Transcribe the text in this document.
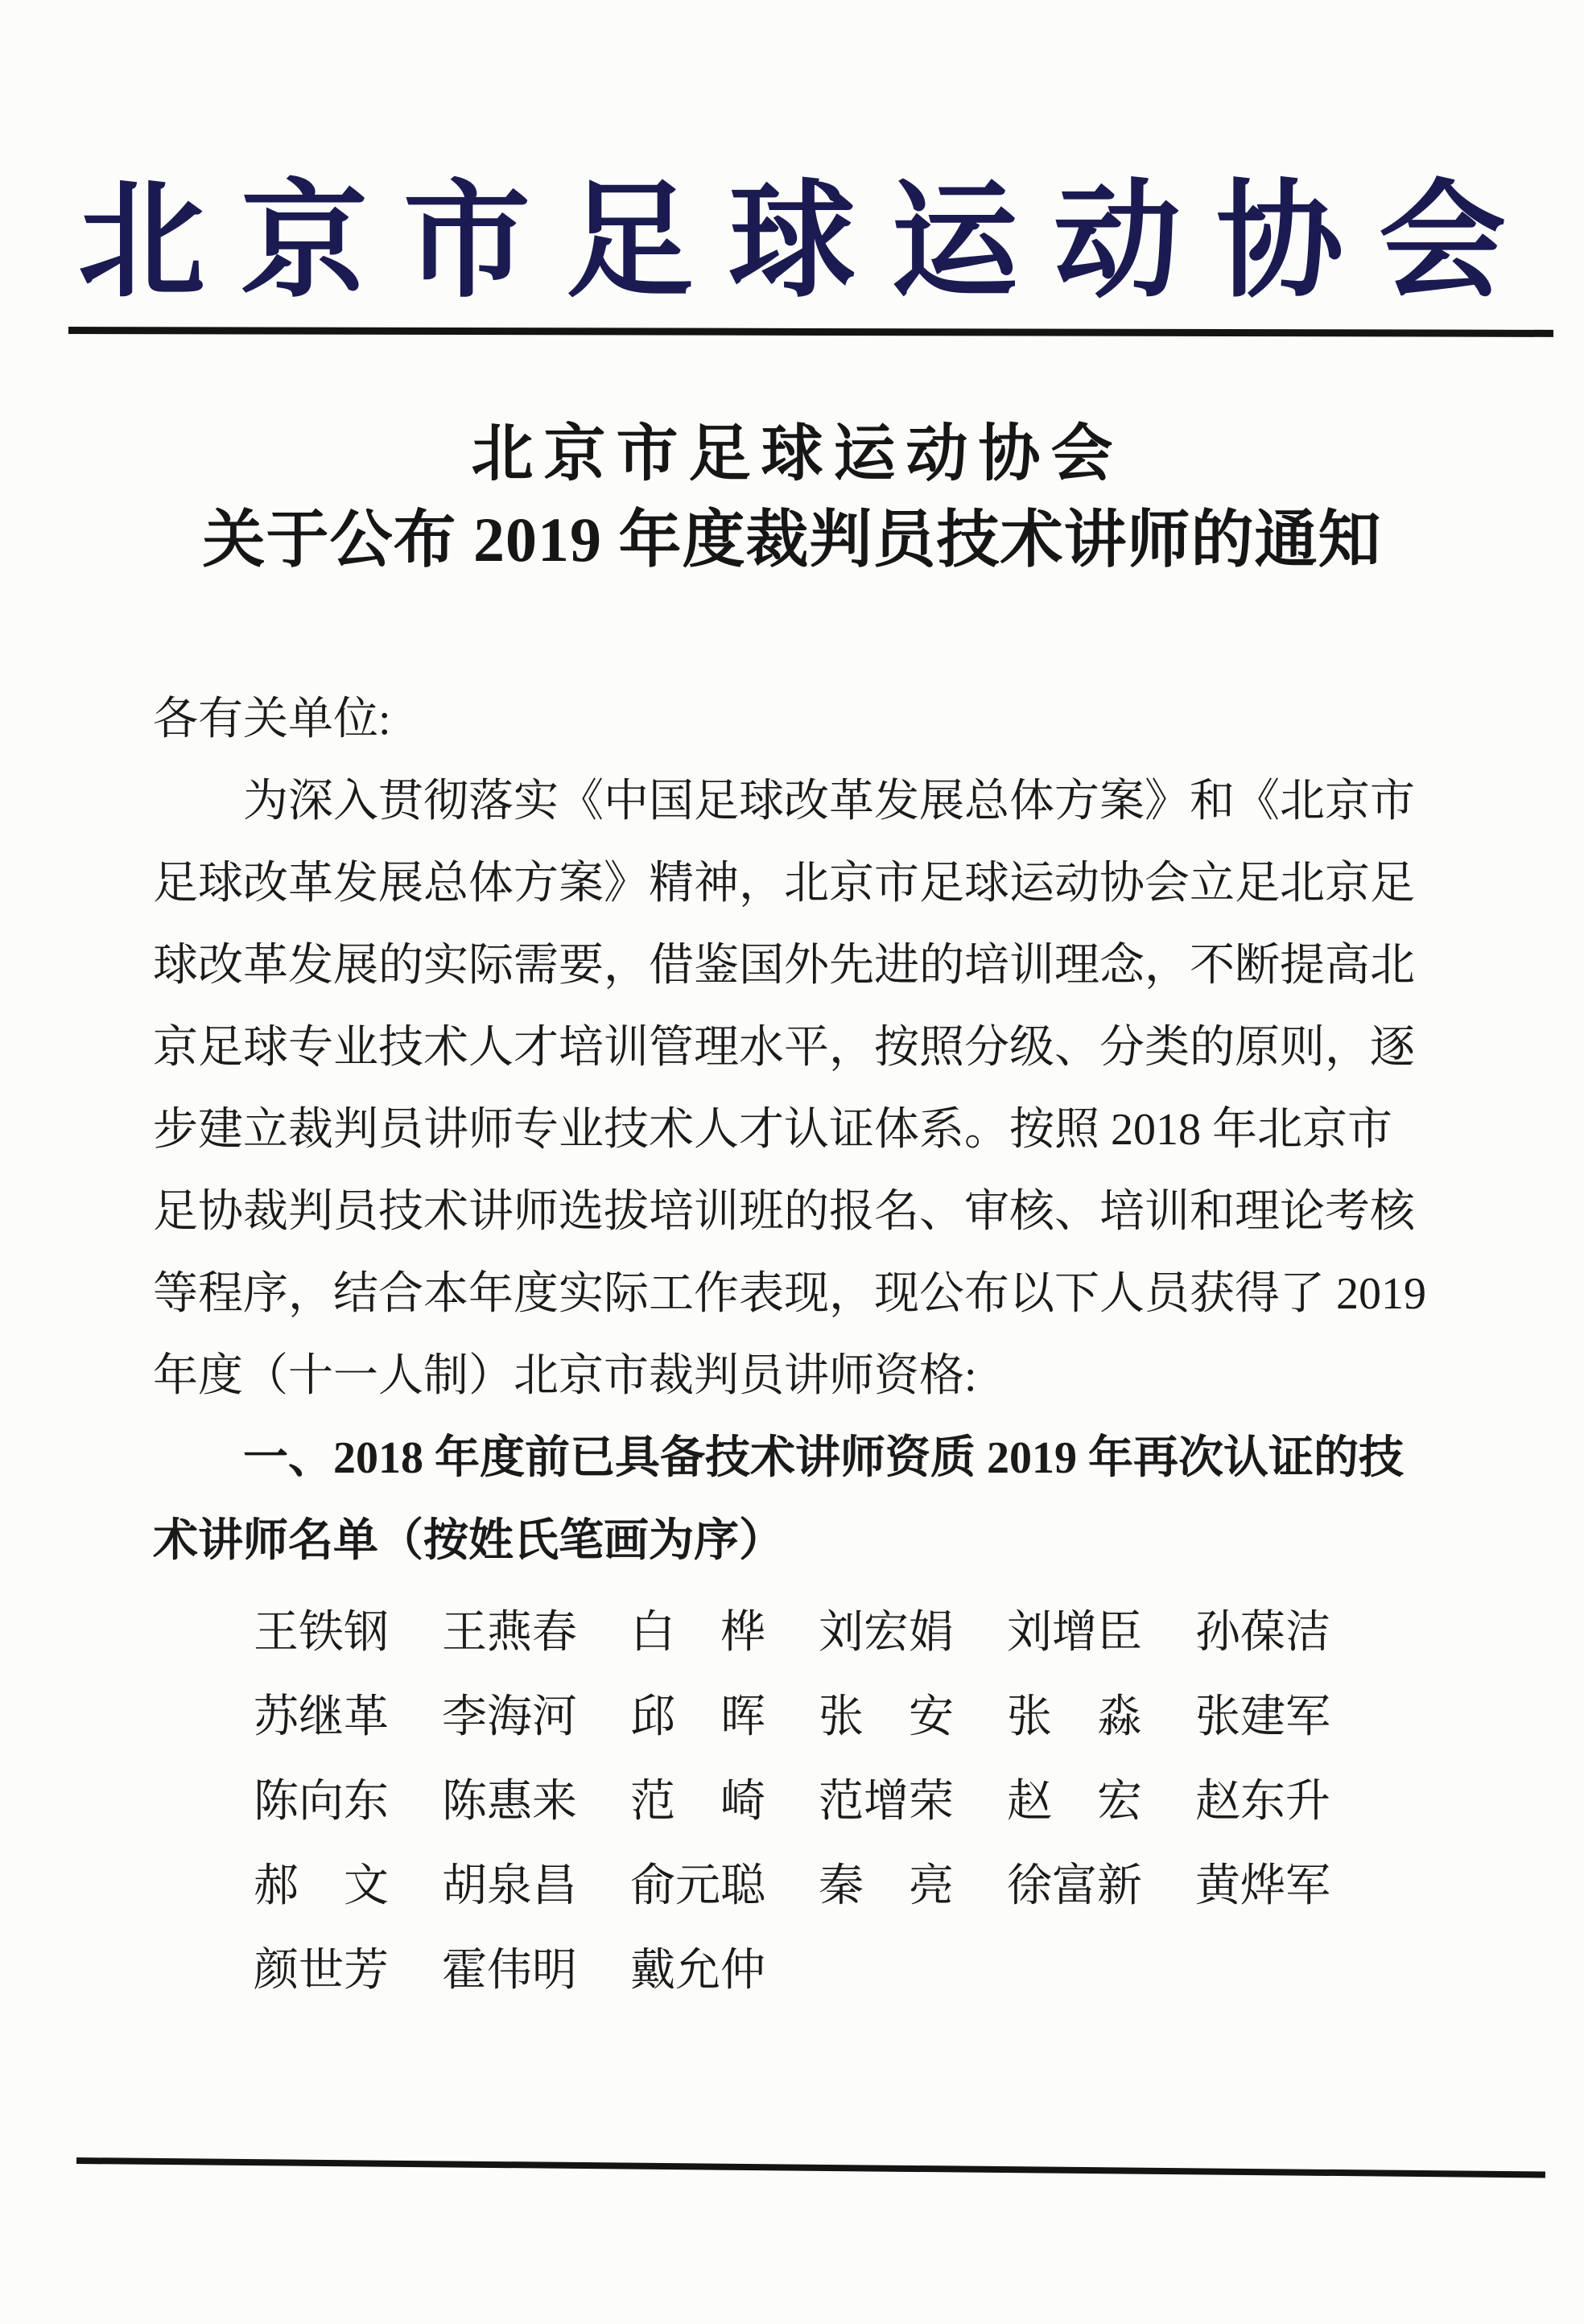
北京市足球运动协会
北京市足球运动协会
关于公布 2019 年度裁判员技术讲师的通知
各有关单位:
为深入贯彻落实《中国足球改革发展总体方案》和《北京市
足球改革发展总体方案》精神，北京市足球运动协会立足北京足
球改革发展的实际需要，借鉴国外先进的培训理念，不断提高北
京足球专业技术人才培训管理水平，按照分级、分类的原则，逐
步建立裁判员讲师专业技术人才认证体系。按照 2018 年北京市
足协裁判员技术讲师选拔培训班的报名、审核、培训和理论考核
等程序，结合本年度实际工作表现，现公布以下人员获得了 2019
年度（十一人制）北京市裁判员讲师资格:
一、2018 年度前已具备技术讲师资质 2019 年再次认证的技
术讲师名单（按姓氏笔画为序）
王铁钢 王燕春 白　桦 刘宏娟 刘增臣 孙葆洁
苏继革 李海河 邱　晖 张　安 张　淼 张建军
陈向东 陈惠来 范　崎 范增荣 赵　宏 赵东升
郝　文 胡泉昌 俞元聪 秦　亮 徐富新 黄烨军
颜世芳 霍伟明 戴允仲
